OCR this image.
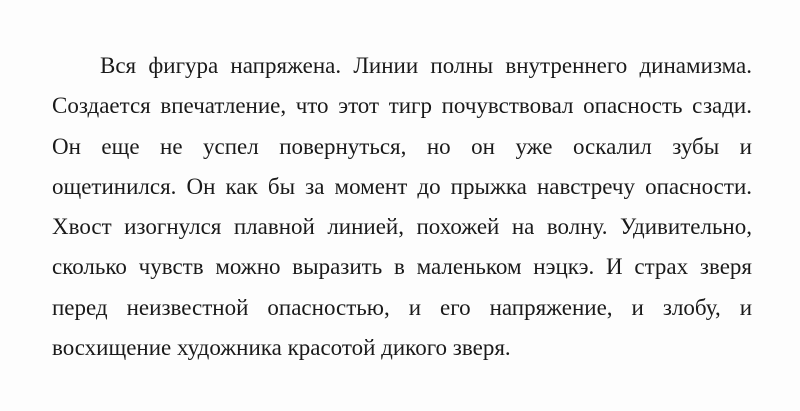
Вся фигура напряжена. Линии полны внутреннего динамизма.
Создается впечатление, что этот тигр почувствовал опасность сзади.
Он еще не успел повернуться, но он уже оскалил зубы и
ощетинился. Он как бы за момент до прыжка навстречу опасности.
Хвост изогнулся плавной линией, похожей на волну. Удивительно,
сколько чувств можно выразить в маленьком нэцкэ. И страх зверя
перед неизвестной опасностью, и его напряжение, и злобу, и
восхищение художника красотой дикого зверя.
